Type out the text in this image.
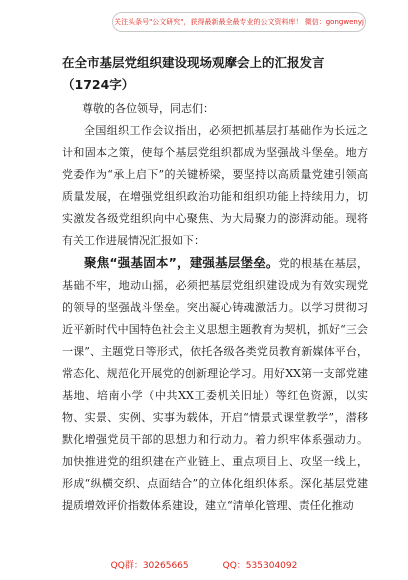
关注头条号"公文研究"，获得最新最全最专业的公文资料库！ 微信：gongwenyj
在全市基层党组织建设现场观摩会上的汇报发言（1724字）
尊敬的各位领导，同志们：

全国组织工作会议指出，必须把抓基层打基础作为长远之计和固本之策，使每个基层党组织都成为坚强战斗堡垒。地方党委作为“承上启下”的关键桥梁，要坚持以高质量党建引领高质量发展，在增强党组织政治功能和组织功能上持续用力，切实激发各级党组织向中心聚焦、为大局聚力的澎湃动能。现将有关工作进展情况汇报如下：

聚焦“强基固本”，建强基层堡垒。党的根基在基层，基础不牢，地动山摇，必须把基层党组织建设成为有效实现党的领导的坚强战斗堡垒。突出凝心铸魂激活力。以学习贯彻习近平新时代中国特色社会主义思想主题教育为契机，抓好“三会一课”、主题党日等形式，依托各级各类党员教育新媒体平台，常态化、规范化开展党的创新理论学习。用好XX第一支部党建基地、培南小学（中共XX工委机关旧址）等红色资源，以实物、实景、实例、实事为载体，开启“情景式课堂教学”，潜移默化增强党员干部的思想力和行动力。着力织牢体系强动力。加快推进党的组织建在产业链上、重点项目上、攻坚一线上，形成“纵横交织、点面结合”的立体化组织体系。深化基层党建提质增效评价指数体系建设，建立“清单化管理、责任化推动

QQ群：30265665	QQ：535304092
